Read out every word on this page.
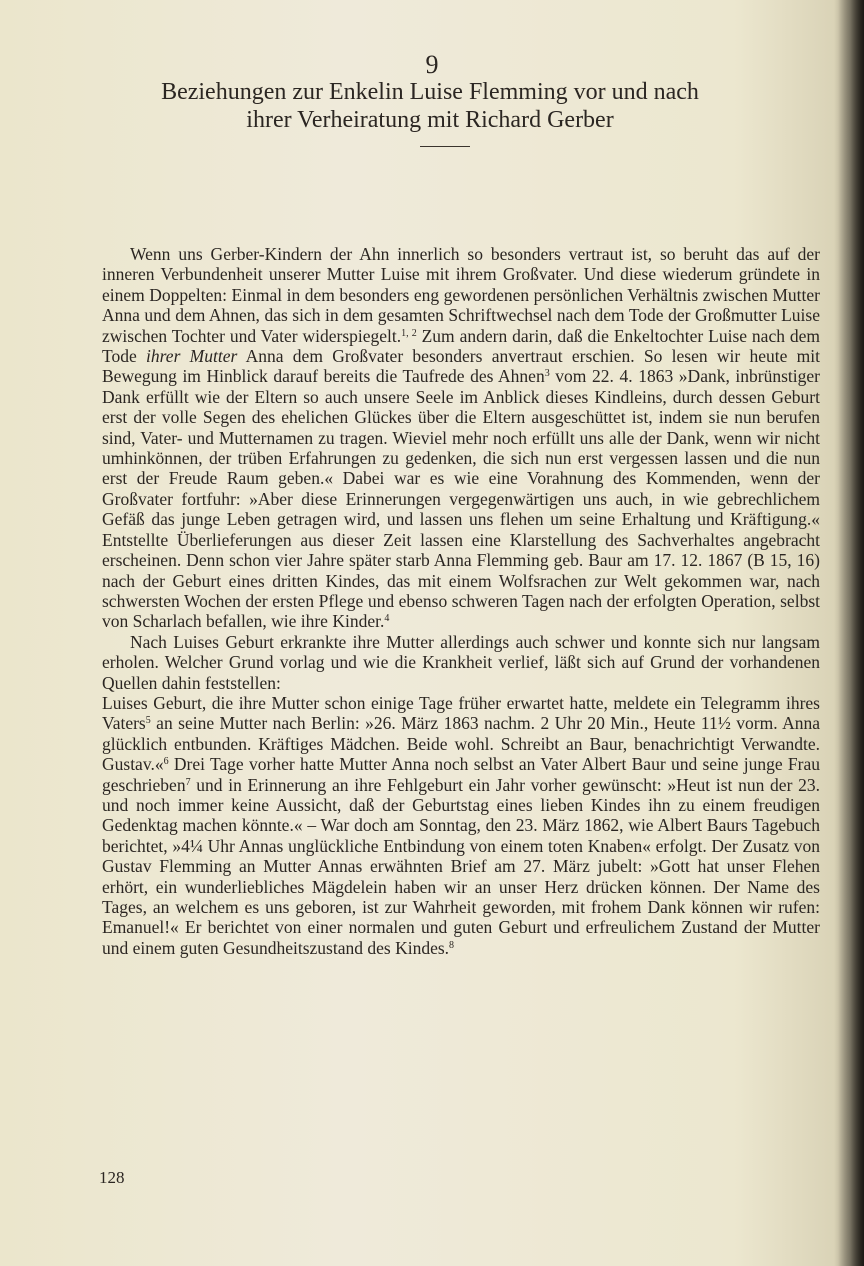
9
Beziehungen zur Enkelin Luise Flemming vor und nach ihrer Verheiratung mit Richard Gerber

Wenn uns Gerber-Kindern der Ahn innerlich so besonders vertraut ist, so beruht das auf der inneren Verbundenheit unserer Mutter Luise mit ihrem Großvater. Und diese wiederum gründete in einem Doppelten: Einmal in dem besonders eng gewordenen persönlichen Verhältnis zwischen Mutter Anna und dem Ahnen, das sich in dem gesamten Schriftwechsel nach dem Tode der Großmutter Luise zwischen Tochter und Vater widerspiegelt.$^{1, 2}$ Zum andern darin, daß die Enkeltochter Luise nach dem Tode ihrer Mutter Anna dem Großvater besonders anvertraut erschien. So lesen wir heute mit Bewegung im Hinblick darauf bereits die Taufrede des Ahnen$^3$ vom 22. 4. 1863 »Dank, inbrünstiger Dank erfüllt wie der Eltern so auch unsere Seele im Anblick dieses Kindleins, durch dessen Geburt erst der volle Segen des ehelichen Glückes über die Eltern ausgeschüttet ist, indem sie nun berufen sind, Vater- und Mutternamen zu tragen. Wieviel mehr noch erfüllt uns alle der Dank, wenn wir nicht umhinkönnen, der trüben Erfahrungen zu gedenken, die sich nun erst vergessen lassen und die nun erst der Freude Raum geben.« Dabei war es wie eine Vorahnung des Kommenden, wenn der Großvater fortfuhr: »Aber diese Erinnerungen vergegenwärtigen uns auch, in wie gebrechlichem Gefäß das junge Leben getragen wird, und lassen uns flehen um seine Erhaltung und Kräftigung.« Entstellte Überlieferungen aus dieser Zeit lassen eine Klarstellung des Sachverhaltes angebracht erscheinen. Denn schon vier Jahre später starb Anna Flemming geb. Baur am 17. 12. 1867 (B 15, 16) nach der Geburt eines dritten Kindes, das mit einem Wolfsrachen zur Welt gekommen war, nach schwersten Wochen der ersten Pflege und ebenso schweren Tagen nach der erfolgten Operation, selbst von Scharlach befallen, wie ihre Kinder.$^4$

Nach Luises Geburt erkrankte ihre Mutter allerdings auch schwer und konnte sich nur langsam erholen. Welcher Grund vorlag und wie die Krankheit verlief, läßt sich auf Grund der vorhandenen Quellen dahin feststellen:

Luises Geburt, die ihre Mutter schon einige Tage früher erwartet hatte, meldete ein Telegramm ihres Vaters$^5$ an seine Mutter nach Berlin: »26. März 1863 nachm. 2 Uhr 20 Min., Heute 11½ vorm. Anna glücklich entbunden. Kräftiges Mädchen. Beide wohl. Schreibt an Baur, benachrichtigt Verwandte. Gustav.«$^6$ Drei Tage vorher hatte Mutter Anna noch selbst an Vater Albert Baur und seine junge Frau geschrieben$^7$ und in Erinnerung an ihre Fehlgeburt ein Jahr vorher gewünscht: »Heut ist nun der 23. und noch immer keine Aussicht, daß der Geburtstag eines lieben Kindes ihn zu einem freudigen Gedenktag machen könnte.« – War doch am Sonntag, den 23. März 1862, wie Albert Baurs Tagebuch berichtet, »4¼ Uhr Annas unglückliche Entbindung von einem toten Knaben« erfolgt. Der Zusatz von Gustav Flemming an Mutter Annas erwähnten Brief am 27. März jubelt: »Gott hat unser Flehen erhört, ein wunderliebliches Mägdelein haben wir an unser Herz drücken können. Der Name des Tages, an welchem es uns geboren, ist zur Wahrheit geworden, mit frohem Dank können wir rufen: Emanuel!« Er berichtet von einer normalen und guten Geburt und erfreulichem Zustand der Mutter und einem guten Gesundheitszustand des Kindes.$^8$

128
